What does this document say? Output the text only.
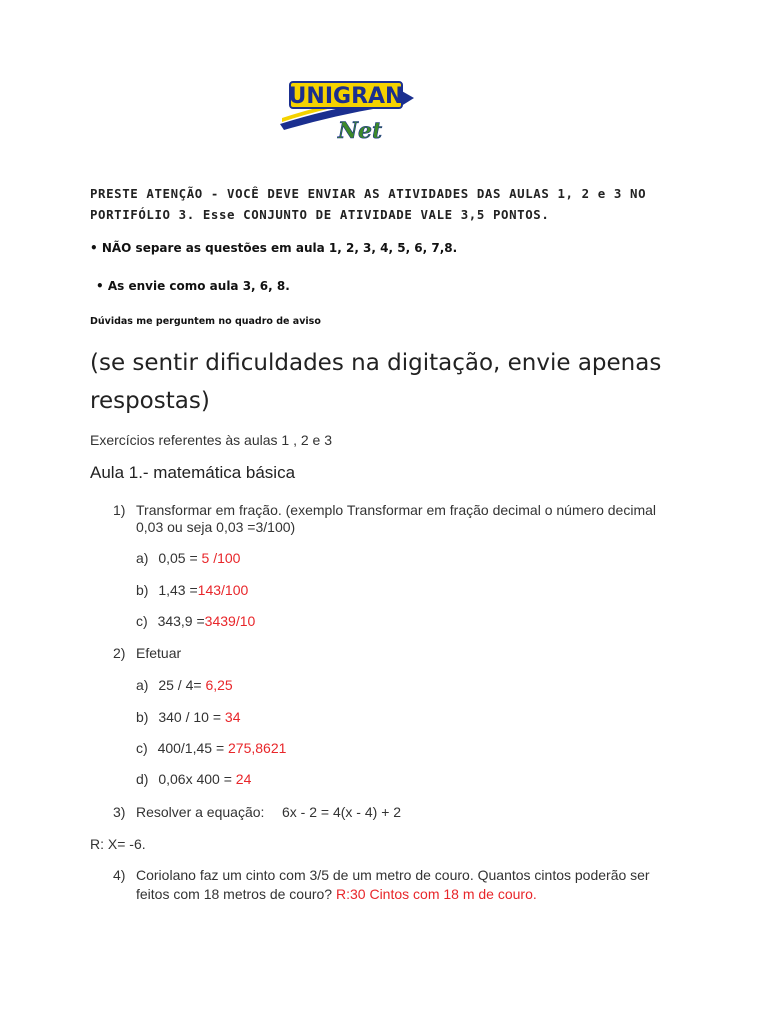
UNIGRAN
Net
PRESTE ATENÇÃO - VOCÊ DEVE ENVIAR AS ATIVIDADES DAS AULAS 1, 2 e 3 NO PORTIFÓLIO 3. Esse CONJUNTO DE ATIVIDADE VALE 3,5 PONTOS.
• NÃO separe as questões em aula 1, 2, 3, 4, 5, 6, 7,8.
• As envie como aula 3, 6, 8.
Dúvidas me perguntem no quadro de aviso
(se sentir dificuldades na digitação, envie apenas respostas)
Exercícios referentes às aulas 1 , 2 e 3
Aula 1.- matemática básica
1) Transformar em fração. (exemplo Transformar em fração decimal o número decimal 0,03 ou seja 0,03 =3/100)
a) 0,05 = 5 /100
b) 1,43 =143/100
c) 343,9 =3439/10
2) Efetuar
a) 25 / 4= 6,25
b) 340 / 10 = 34
c) 400/1,45 = 275,8621
d) 0,06x 400 = 24
3) Resolver a equação: 6x - 2 = 4(x - 4) + 2
R: X= -6.
4) Coriolano faz um cinto com 3/5 de um metro de couro. Quantos cintos poderão ser
feitos com 18 metros de couro? R:30 Cintos com 18 m de couro.
